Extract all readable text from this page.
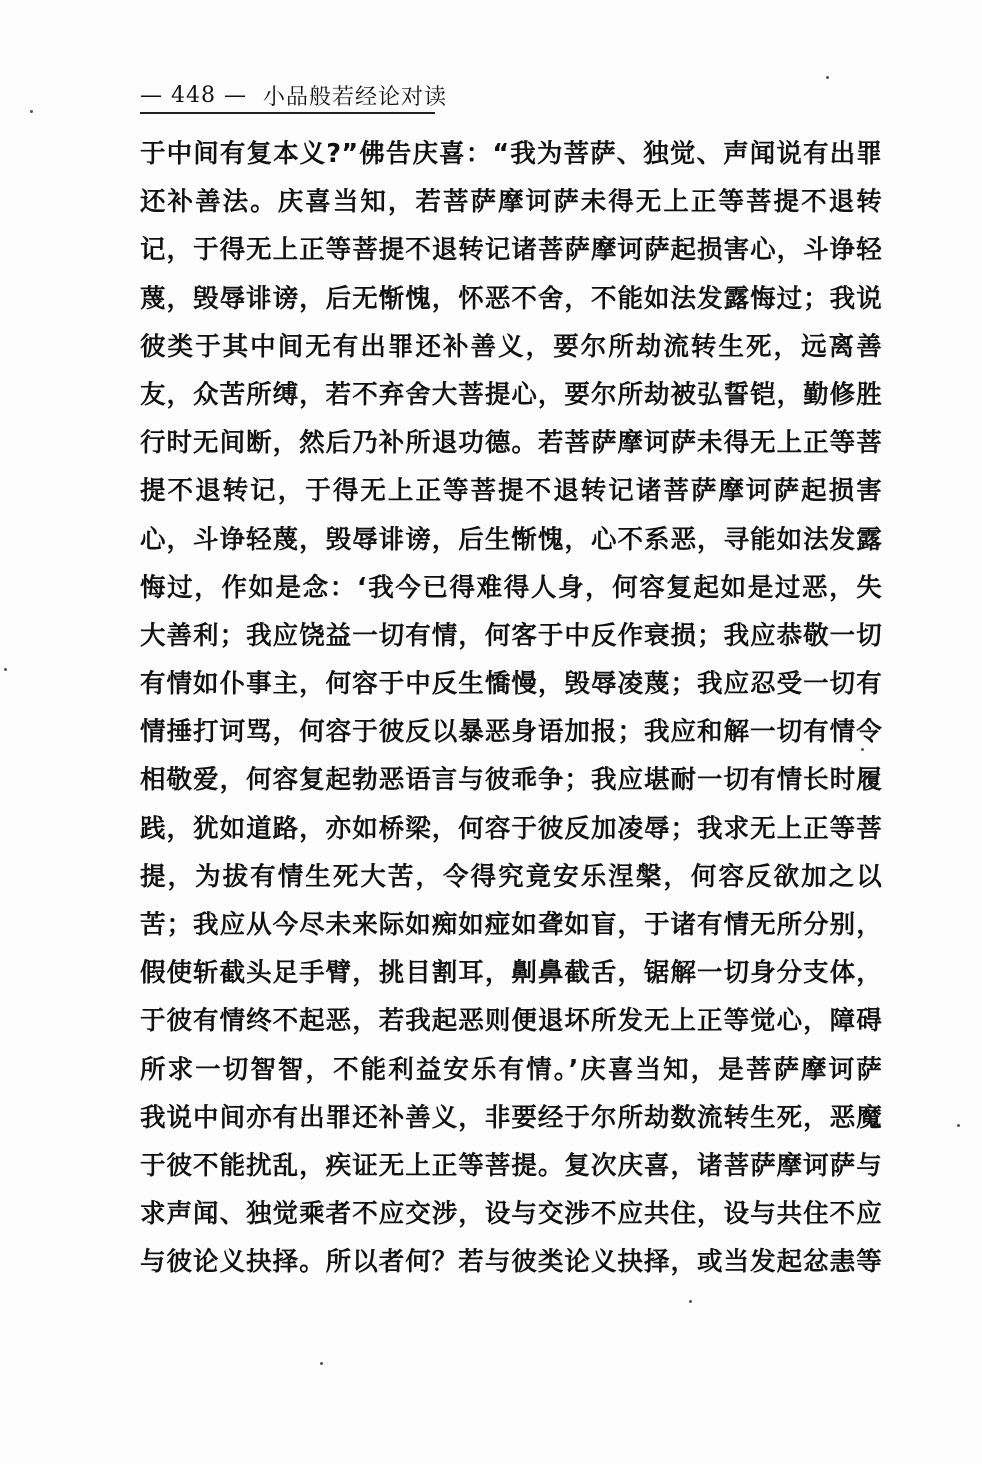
— 448 — 小品般若经论对读
于中间有复本义?”佛告庆喜：“我为菩萨、独觉、声闻说有出罪
还补善法。庆喜当知，若菩萨摩诃萨未得无上正等菩提不退转
记，于得无上正等菩提不退转记诸菩萨摩诃萨起损害心，斗诤轻
蔑，毁辱诽谤，后无惭愧，怀恶不舍，不能如法发露悔过；我说
彼类于其中间无有出罪还补善义，要尔所劫流转生死，远离善
友，众苦所缚，若不弃舍大菩提心，要尔所劫被弘誓铠，勤修胜
行时无间断，然后乃补所退功德。若菩萨摩诃萨未得无上正等菩
提不退转记，于得无上正等菩提不退转记诸菩萨摩诃萨起损害
心，斗诤轻蔑，毁辱诽谤，后生惭愧，心不系恶，寻能如法发露
悔过，作如是念：‘我今已得难得人身，何容复起如是过恶，失
大善利；我应饶益一切有情，何客于中反作衰损；我应恭敬一切
有情如仆事主，何容于中反生憍慢，毁辱凌蔑；我应忍受一切有
情捶打诃骂，何容于彼反以暴恶身语加报；我应和解一切有情令
相敬爱，何容复起勃恶语言与彼乖争；我应堪耐一切有情长时履
践，犹如道路，亦如桥梁，何容于彼反加凌辱；我求无上正等菩
提，为拔有情生死大苦，令得究竟安乐涅槃，何容反欲加之以
苦；我应从今尽未来际如痴如痖如聋如盲，于诸有情无所分别，
假使斩截头足手臂，挑目割耳，劓鼻截舌，锯解一切身分支体，
于彼有情终不起恶，若我起恶则便退坏所发无上正等觉心，障碍
所求一切智智，不能利益安乐有情。’庆喜当知，是菩萨摩诃萨
我说中间亦有出罪还补善义，非要经于尔所劫数流转生死，恶魔
于彼不能扰乱，疾证无上正等菩提。复次庆喜，诸菩萨摩诃萨与
求声闻、独觉乘者不应交涉，设与交涉不应共住，设与共住不应
与彼论义抉择。所以者何？若与彼类论义抉择，或当发起忿恚等
